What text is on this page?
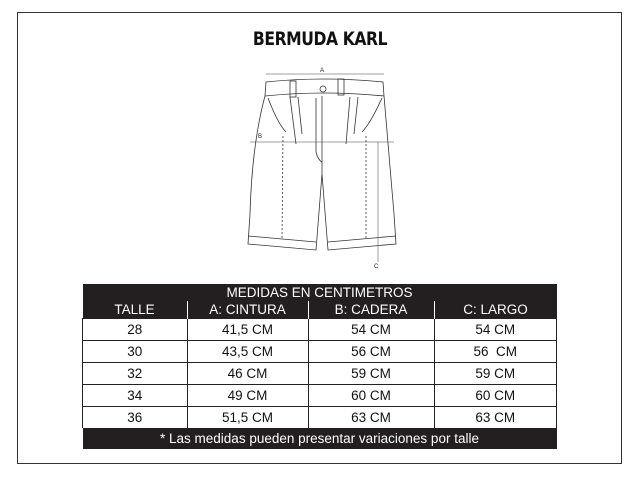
BERMUDA KARL
A
B
C
MEDIDAS EN CENTIMETROS			
TALLE	A: CINTURA	B: CADERA	C: LARGO
28	41,5 CM	54 CM	54 CM
30	43,5 CM	56 CM	56  CM
32	46 CM	59 CM	59 CM
34	49 CM	60 CM	60 CM
36	51,5 CM	63 CM	63 CM
* Las medidas pueden presentar variaciones por talle			
